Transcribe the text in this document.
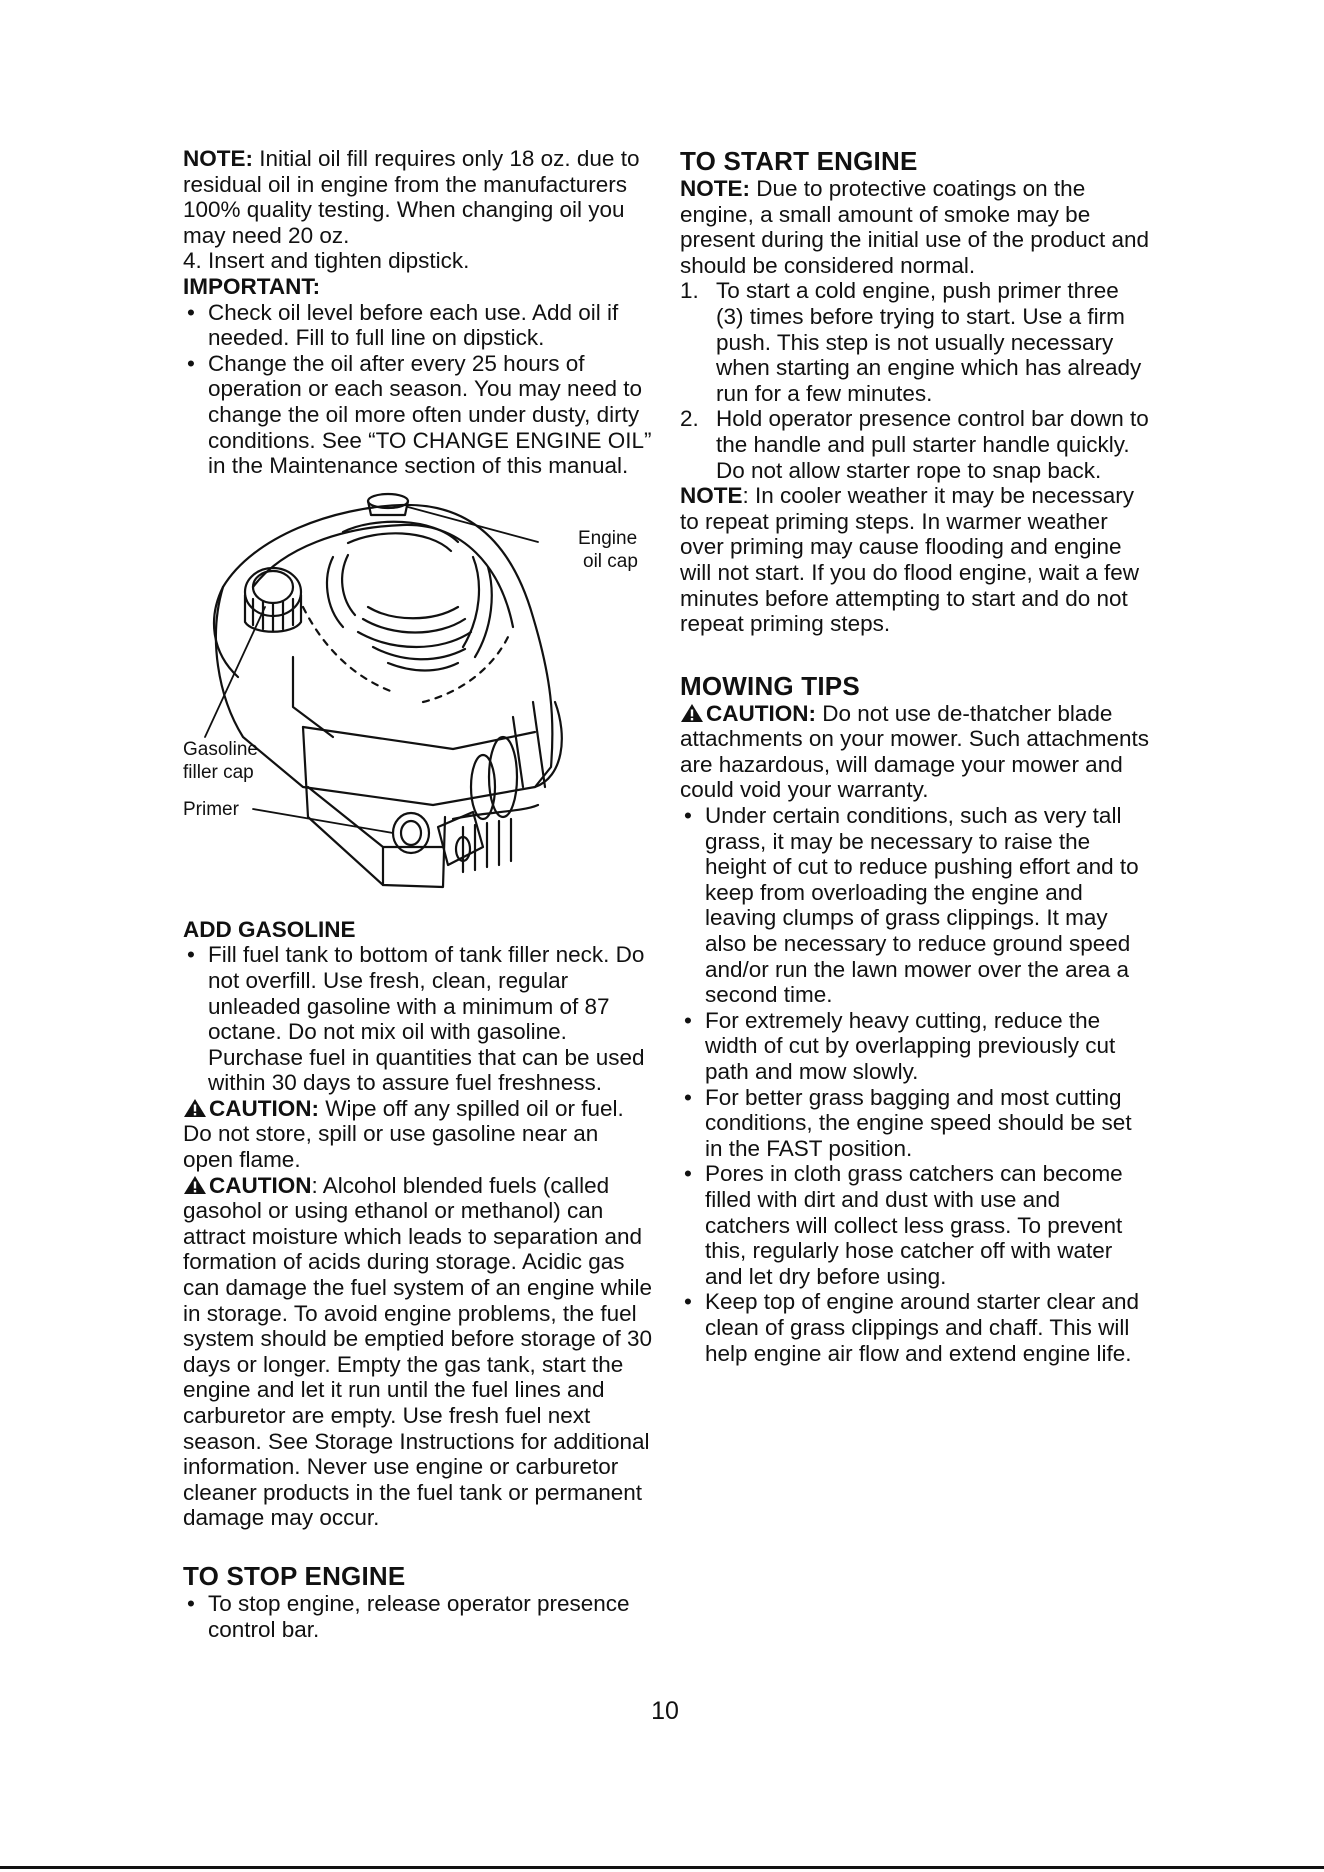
NOTE: Initial oil fill requires only 18 oz. due to residual oil in engine from the manufacturers 100% quality testing. When changing oil you may need 20 oz.

4. Insert and tighten dipstick.

IMPORTANT:

• Check oil level before each use. Add oil if needed. Fill to full line on dipstick.
• Change the oil after every 25 hours of operation or each season. You may need to change the oil more often under dusty, dirty conditions. See “TO CHANGE ENGINE OIL” in the Maintenance section of this manual.
Engine
oil cap
Gasoline
filler cap
Primer

ADD GASOLINE

• Fill fuel tank to bottom of tank filler neck. Do not overfill. Use fresh, clean, regular unleaded gasoline with a minimum of 87 octane. Do not mix oil with gasoline. Purchase fuel in quantities that can be used within 30 days to assure fuel freshness.

CAUTION: Wipe off any spilled oil or fuel. Do not store, spill or use gasoline near an open flame.

CAUTION: Alcohol blended fuels (called gasohol or using ethanol or methanol) can attract moisture which leads to separation and formation of acids during storage. Acidic gas can damage the fuel system of an engine while in storage. To avoid engine problems, the fuel system should be emptied before storage of 30 days or longer. Empty the gas tank, start the engine and let it run until the fuel lines and carburetor are empty. Use fresh fuel next season. See Storage Instructions for additional information. Never use engine or carburetor cleaner products in the fuel tank or permanent damage may occur.

TO STOP ENGINE
• To stop engine, release operator presence control bar.
TO START ENGINE

NOTE: Due to protective coatings on the engine, a small amount of smoke may be present during the initial use of the product and should be considered normal.

1. To start a cold engine, push primer three (3) times before trying to start. Use a firm push. This step is not usually necessary when starting an engine which has already run for a few minutes.
2. Hold operator presence control bar down to the handle and pull starter handle quickly. Do not allow starter rope to snap back.

NOTE: In cooler weather it may be necessary to repeat priming steps. In warmer weather over priming may cause flooding and engine will not start. If you do flood engine, wait a few minutes before attempting to start and do not repeat priming steps.

MOWING TIPS

CAUTION: Do not use de-thatcher blade attachments on your mower. Such attachments are hazardous, will damage your mower and could void your warranty.

• Under certain conditions, such as very tall grass, it may be necessary to raise the height of cut to reduce pushing effort and to keep from overloading the engine and leaving clumps of grass clippings. It may also be necessary to reduce ground speed and/or run the lawn mower over the area a second time.
• For extremely heavy cutting, reduce the width of cut by overlapping previously cut path and mow slowly.
• For better grass bagging and most cutting conditions, the engine speed should be set in the FAST position.
• Pores in cloth grass catchers can become filled with dirt and dust with use and catchers will collect less grass. To prevent this, regularly hose catcher off with water and let dry before using.
• Keep top of engine around starter clear and clean of grass clippings and chaff. This will help engine air flow and extend engine life.
10
